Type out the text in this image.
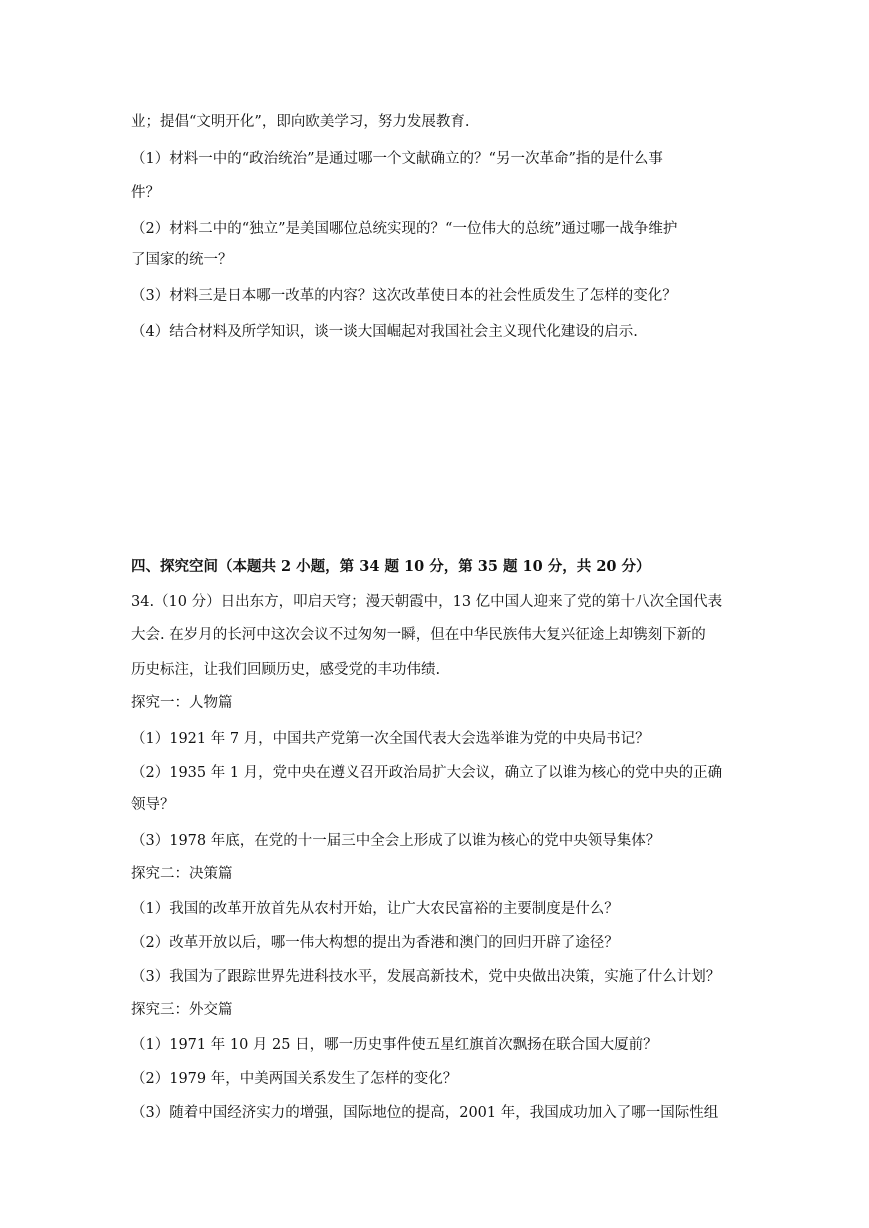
业；提倡“文明开化”，即向欧美学习，努力发展教育.
（1）材料一中的“政治统治”是通过哪一个文献确立的？“另一次革命”指的是什么事
件？
（2）材料二中的“独立”是美国哪位总统实现的？“一位伟大的总统”通过哪一战争维护
了国家的统一？
（3）材料三是日本哪一改革的内容？这次改革使日本的社会性质发生了怎样的变化？
（4）结合材料及所学知识，谈一谈大国崛起对我国社会主义现代化建设的启示.
四、探究空间（本题共 2 小题，第 34 题 10 分，第 35 题 10 分，共 20 分）
34.（10 分）日出东方，叩启天穹；漫天朝霞中，13 亿中国人迎来了党的第十八次全国代表
大会. 在岁月的长河中这次会议不过匆匆一瞬，但在中华民族伟大复兴征途上却镌刻下新的
历史标注，让我们回顾历史，感受党的丰功伟绩.
探究一：人物篇
（1）1921 年 7 月，中国共产党第一次全国代表大会选举谁为党的中央局书记？
（2）1935 年 1 月，党中央在遵义召开政治局扩大会议，确立了以谁为核心的党中央的正确
领导？
（3）1978 年底，在党的十一届三中全会上形成了以谁为核心的党中央领导集体？
探究二：决策篇
（1）我国的改革开放首先从农村开始，让广大农民富裕的主要制度是什么？
（2）改革开放以后，哪一伟大构想的提出为香港和澳门的回归开辟了途径？
（3）我国为了跟踪世界先进科技水平，发展高新技术，党中央做出决策，实施了什么计划？
探究三：外交篇
（1）1971 年 10 月 25 日，哪一历史事件使五星红旗首次飘扬在联合国大厦前？
（2）1979 年，中美两国关系发生了怎样的变化？
（3）随着中国经济实力的增强，国际地位的提高，2001 年，我国成功加入了哪一国际性组
